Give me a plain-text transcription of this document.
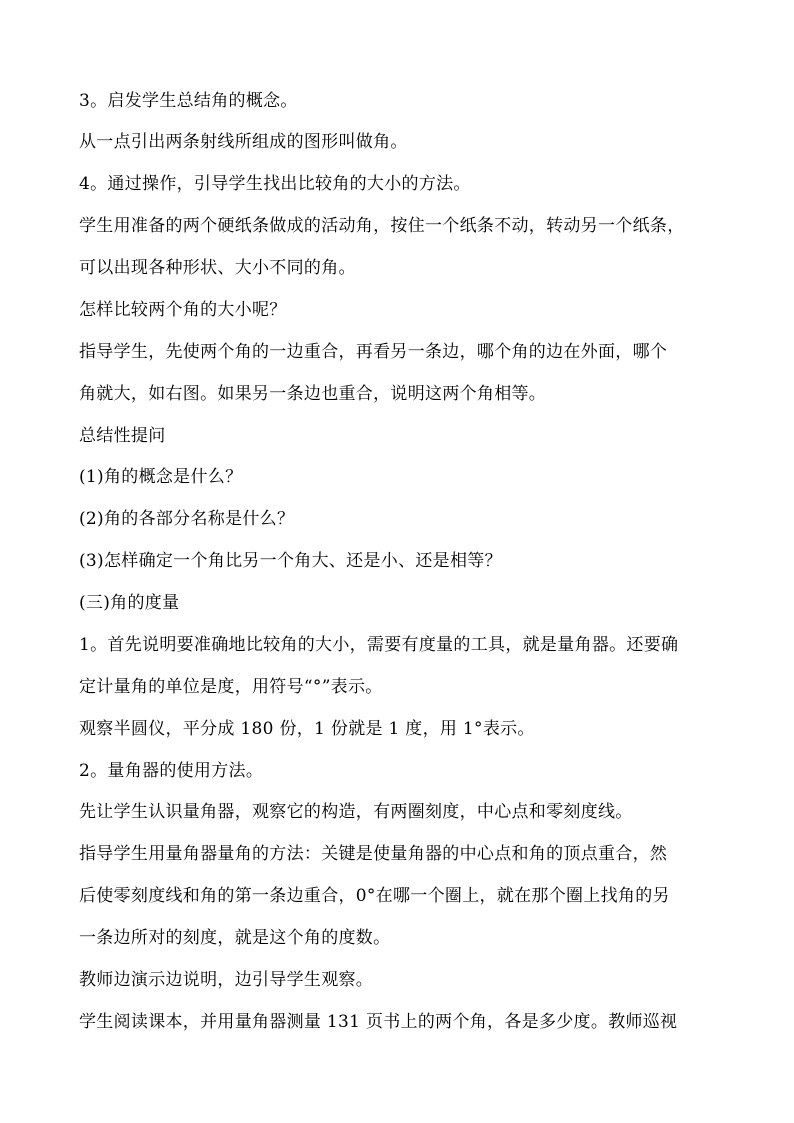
3。启发学生总结角的概念。
从一点引出两条射线所组成的图形叫做角。
4。通过操作，引导学生找出比较角的大小的方法。
学生用准备的两个硬纸条做成的活动角，按住一个纸条不动，转动另一个纸条，
可以出现各种形状、大小不同的角。
怎样比较两个角的大小呢？
指导学生，先使两个角的一边重合，再看另一条边，哪个角的边在外面，哪个
角就大，如右图。如果另一条边也重合，说明这两个角相等。
总结性提问
(1)角的概念是什么？
(2)角的各部分名称是什么？
(3)怎样确定一个角比另一个角大、还是小、还是相等？
(三)角的度量
1。首先说明要准确地比较角的大小，需要有度量的工具，就是量角器。还要确
定计量角的单位是度，用符号“°”表示。
观察半圆仪，平分成 180 份，1 份就是 1 度，用 1°表示。
2。量角器的使用方法。
先让学生认识量角器，观察它的构造，有两圈刻度，中心点和零刻度线。
指导学生用量角器量角的方法：关键是使量角器的中心点和角的顶点重合，然
后使零刻度线和角的第一条边重合，0°在哪一个圈上，就在那个圈上找角的另
一条边所对的刻度，就是这个角的度数。
教师边演示边说明，边引导学生观察。
学生阅读课本，并用量角器测量 131 页书上的两个角，各是多少度。教师巡视
